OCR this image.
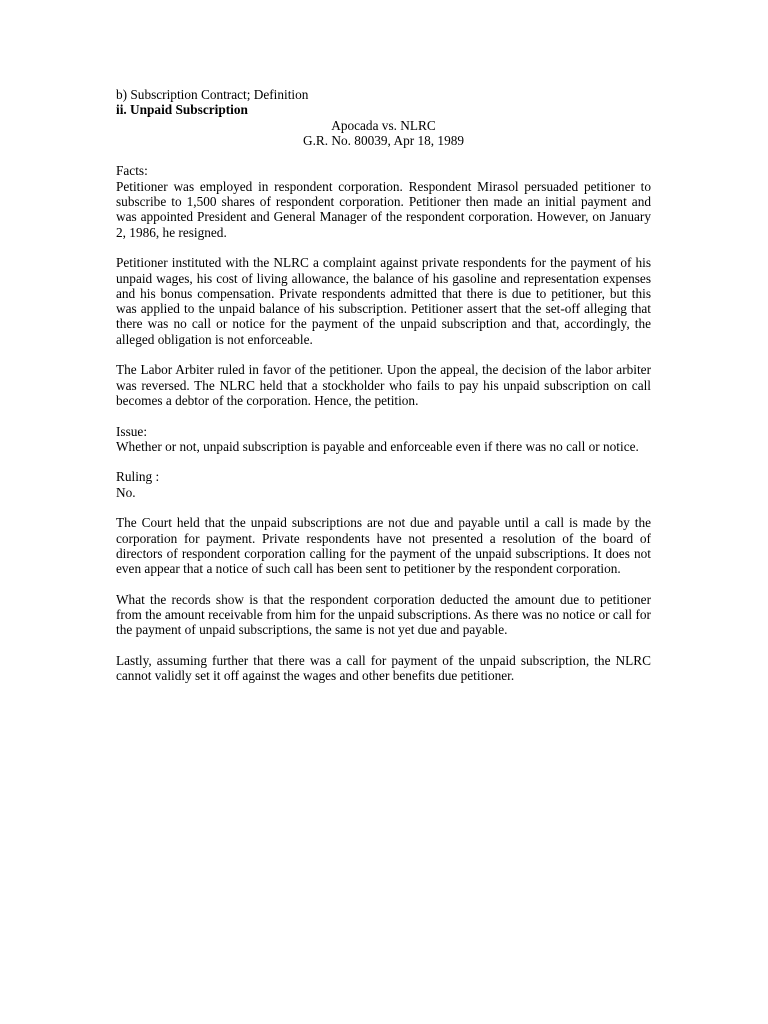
b) Subscription Contract; Definition

ii. Unpaid Subscription

Apocada vs. NLRC

G.R. No. 80039, Apr 18, 1989

Facts:

Petitioner was employed in respondent corporation. Respondent Mirasol persuaded petitioner to subscribe to 1,500 shares of respondent corporation. Petitioner then made an initial payment and was appointed President and General Manager of the respondent corporation. However, on January 2, 1986, he resigned.

Petitioner instituted with the NLRC a complaint against private respondents for the payment of his unpaid wages, his cost of living allowance, the balance of his gasoline and representation expenses and his bonus compensation. Private respondents admitted that there is due to petitioner, but this was applied to the unpaid balance of his subscription. Petitioner assert that the set-off alleging that there was no call or notice for the payment of the unpaid subscription and that, accordingly, the alleged obligation is not enforceable.

The Labor Arbiter ruled in favor of the petitioner. Upon the appeal, the decision of the labor arbiter was reversed. The NLRC held that a stockholder who fails to pay his unpaid subscription on call becomes a debtor of the corporation. Hence, the petition.

Issue:

Whether or not, unpaid subscription is payable and enforceable even if there was no call or notice.

Ruling :

No.

The Court held that the unpaid subscriptions are not due and payable until a call is made by the corporation for payment. Private respondents have not presented a resolution of the board of directors of respondent corporation calling for the payment of the unpaid subscriptions. It does not even appear that a notice of such call has been sent to petitioner by the respondent corporation.

What the records show is that the respondent corporation deducted the amount due to petitioner from the amount receivable from him for the unpaid subscriptions. As there was no notice or call for the payment of unpaid subscriptions, the same is not yet due and payable.

Lastly, assuming further that there was a call for payment of the unpaid subscription, the NLRC cannot validly set it off against the wages and other benefits due petitioner.
